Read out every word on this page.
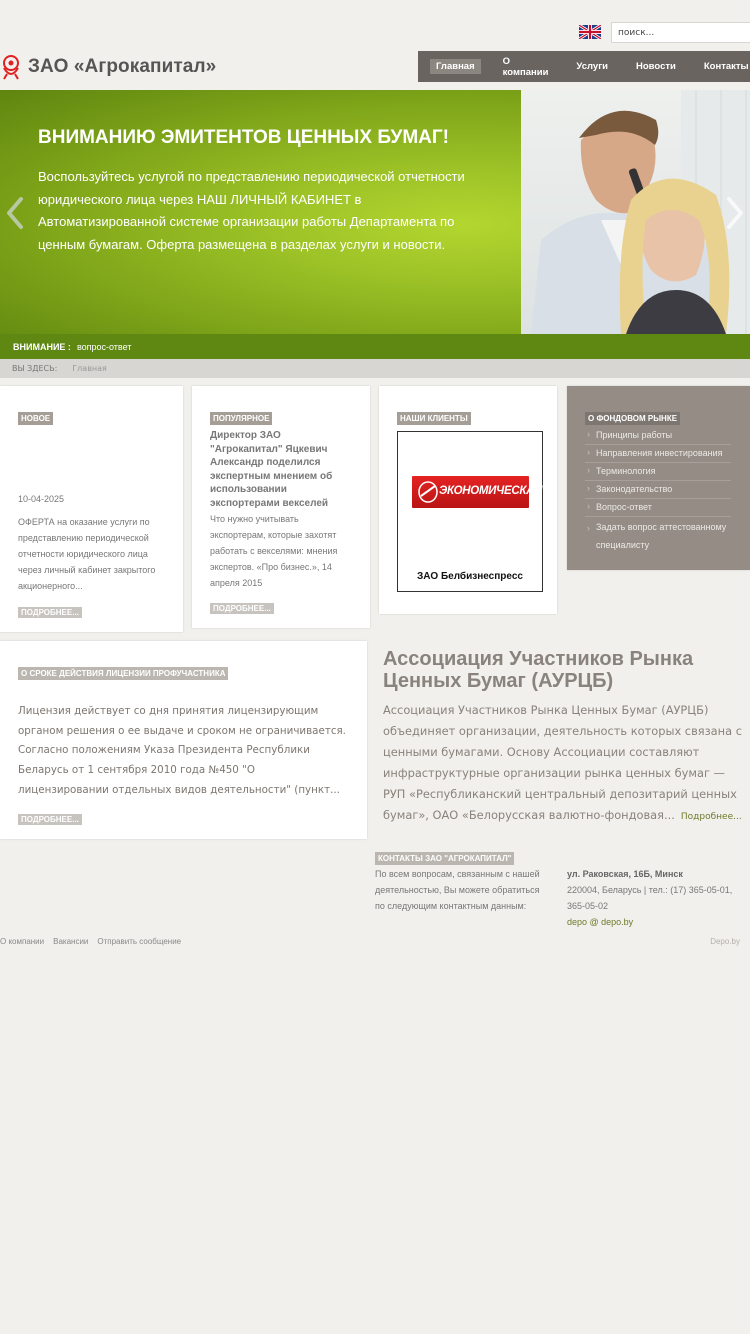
поиск...
ЗАО «Агрокапитал»	Главная	О компании	Услуги	Новости	Контакты
ВНИМАНИЮ ЭМИТЕНТОВ ЦЕННЫХ БУМАГ!
Воспользуйтесь услугой по представлению периодической отчетности юридического лица через НАШ ЛИЧНЫЙ КАБИНЕТ в Автоматизированной системе организации работы Департамента по ценным бумагам. Оферта размещена в разделах услуги и новости.
ВНИМАНИЕ : вопрос-ответ
ВЫ ЗДЕСЬ: Главная
НОВОЕ
10-04-2025
ОФЕРТА на оказание услуги по представлению периодической отчетности юридического лица через личный кабинет закрытого акционерного...
ПОДРОБНЕЕ...
ПОПУЛЯРНОЕ
Директор ЗАО "Агрокапитал" Яцкевич Александр поделился экспертным мнением об использовании экспортерами векселей
Что нужно учитывать экспортерам, которые захотят работать с векселями: мнения экспертов. «Про бизнес.», 14 апреля 2015
ПОДРОБНЕЕ...
НАШИ КЛИЕНТЫ
ЭКОНОМИЧЕСКАЯ
ЗАО Белбизнеспресс
О ФОНДОВОМ РЫНКЕ
› Принципы работы
› Направления инвестирования
› Терминология
› Законодательство
› Вопрос-ответ
› Задать вопрос аттестованному специалисту
О СРОКЕ ДЕЙСТВИЯ ЛИЦЕНЗИИ ПРОФУЧАСТНИКА
Лицензия действует со дня принятия лицензирующим органом решения о ее выдаче и сроком не ограничивается. Согласно положениям Указа Президента Республики Беларусь от 1 сентября 2010 года №450 "О лицензировании отдельных видов деятельности" (пункт...
ПОДРОБНЕЕ...
Ассоциация Участников Рынка Ценных Бумаг (АУРЦБ)
Ассоциация Участников Рынка Ценных Бумаг (АУРЦБ) объединяет организации, деятельность которых связана с ценными бумагами. Основу Ассоциации составляют инфраструктурные организации рынка ценных бумаг — РУП «Республиканский центральный депозитарий ценных бумаг», ОАО «Белорусская валютно-фондовая... Подробнее...
КОНТАКТЫ ЗАО "АГРОКАПИТАЛ"
По всем вопросам, связанным с нашей деятельностью, Вы можете обратиться по следующим контактным данным:
ул. Раковская, 16Б, Минск
220004, Беларусь | тел.: (17) 365-05-01, 365-05-02
depo @ depo.by
О компании Вакансии Отправить сообщение	Depo.by
